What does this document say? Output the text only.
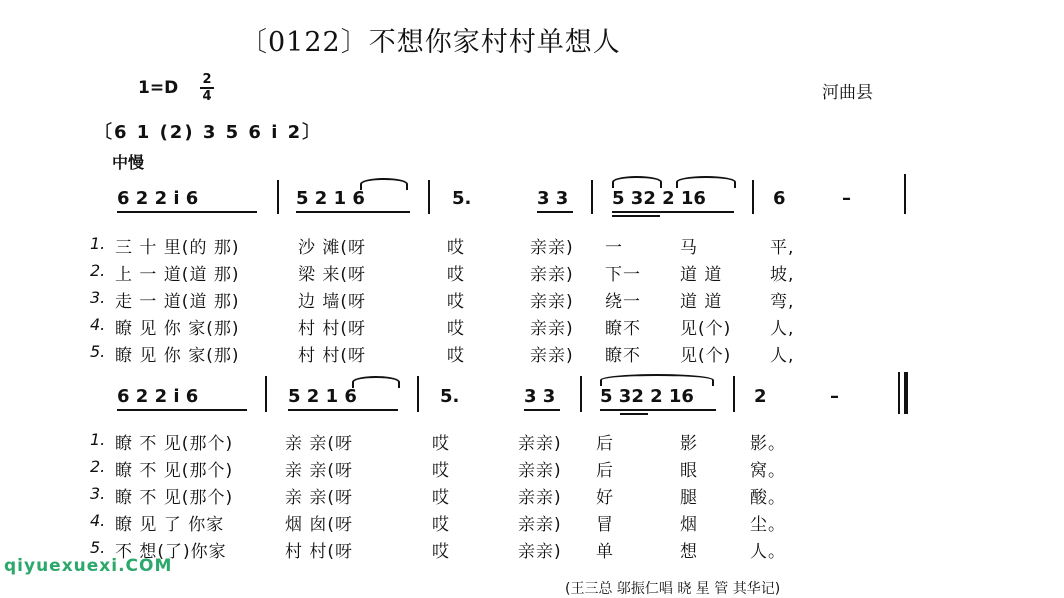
〔0122〕不想你家村村单想人
1=D 2
4	河曲县
〔6 1 (2) 3 5 6 i 2〕
中慢
6 2 2 i 6	5 2 1 6	5.	3 3 5 32 2 16	6	–
1. 三 十 里(的 那)	沙 滩(呀	哎	亲亲) 一	马	平,
2. 上 一 道(道 那)	梁 来(呀	哎	亲亲) 下一 道 道	坡,
3. 走 一 道(道 那)	边 墙(呀	哎	亲亲) 绕一 道 道	弯,
4. 瞭 见 你 家(那)	村 村(呀	哎	亲亲) 瞭不 见(个) 人,
5. 瞭 见 你 家(那)	村 村(呀	哎	亲亲) 瞭不 见(个) 人,
6 2 2 i 6	5 2 1 6	5.	3 3 5 32 2 16	2	–
1. 瞭 不 见(那个)	亲 亲(呀	哎	亲亲) 后	影	影。
2. 瞭 不 见(那个)	亲 亲(呀	哎	亲亲) 后	眼	窝。
3. 瞭 不 见(那个)	亲 亲(呀	哎	亲亲) 好	腿	酸。
4. 瞭 见 了 你家	烟 囱(呀	哎	亲亲) 冒	烟	尘。
5. 不 想(了)你家	村 村(呀	哎	亲亲) 单	想	人。
qiyuexuexi.COM
(王三总 邬振仁唱 晓 星 管 其华记)
